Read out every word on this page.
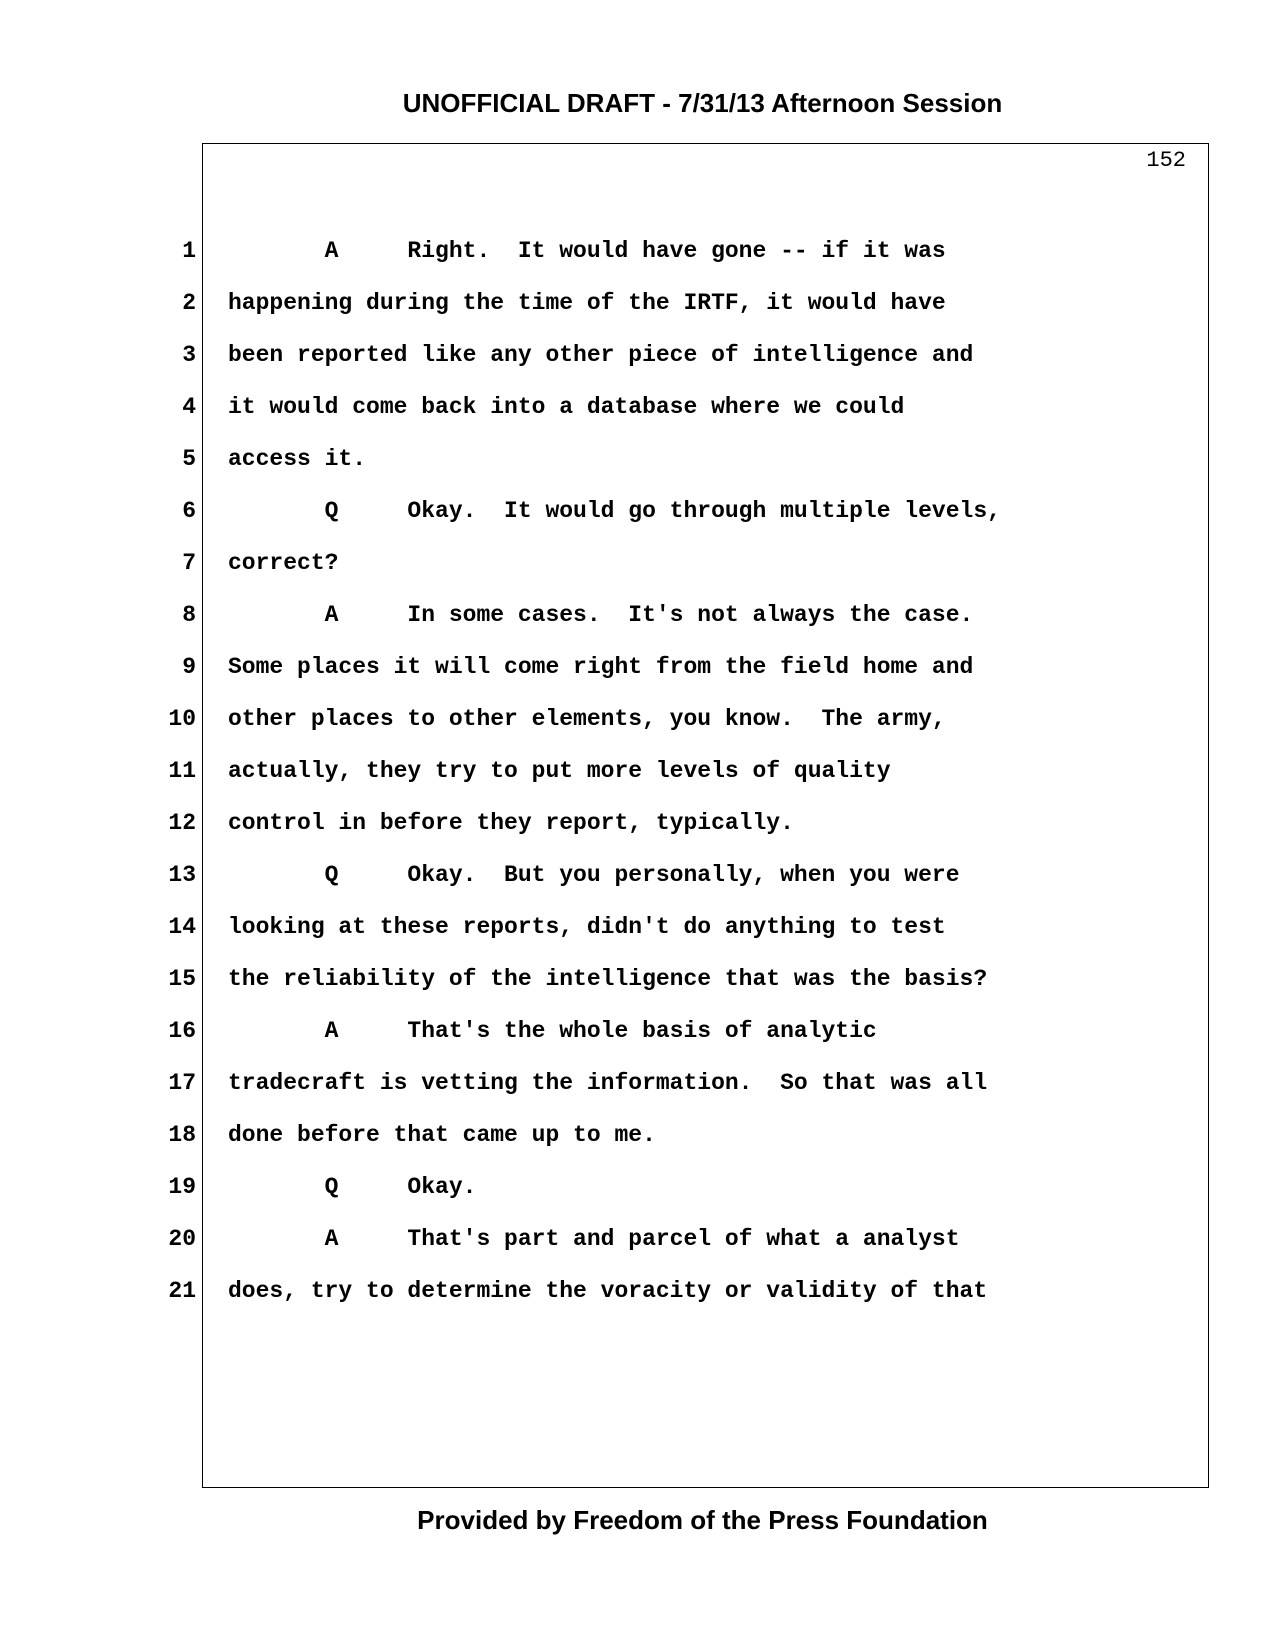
UNOFFICIAL DRAFT - 7/31/13 Afternoon Session
152
1 A     Right.  It would have gone -- if it was
2 happening during the time of the IRTF, it would have
3 been reported like any other piece of intelligence and
4 it would come back into a database where we could
5 access it.
6 Q     Okay.  It would go through multiple levels,
7 correct?
8 A     In some cases.  It's not always the case.
9 Some places it will come right from the field home and
10 other places to other elements, you know.  The army,
11 actually, they try to put more levels of quality
12 control in before they report, typically.
13 Q     Okay.  But you personally, when you were
14 looking at these reports, didn't do anything to test
15 the reliability of the intelligence that was the basis?
16 A     That's the whole basis of analytic
17 tradecraft is vetting the information.  So that was all
18 done before that came up to me.
19 Q     Okay.
20 A     That's part and parcel of what a analyst
21 does, try to determine the voracity or validity of that
Provided by Freedom of the Press Foundation
